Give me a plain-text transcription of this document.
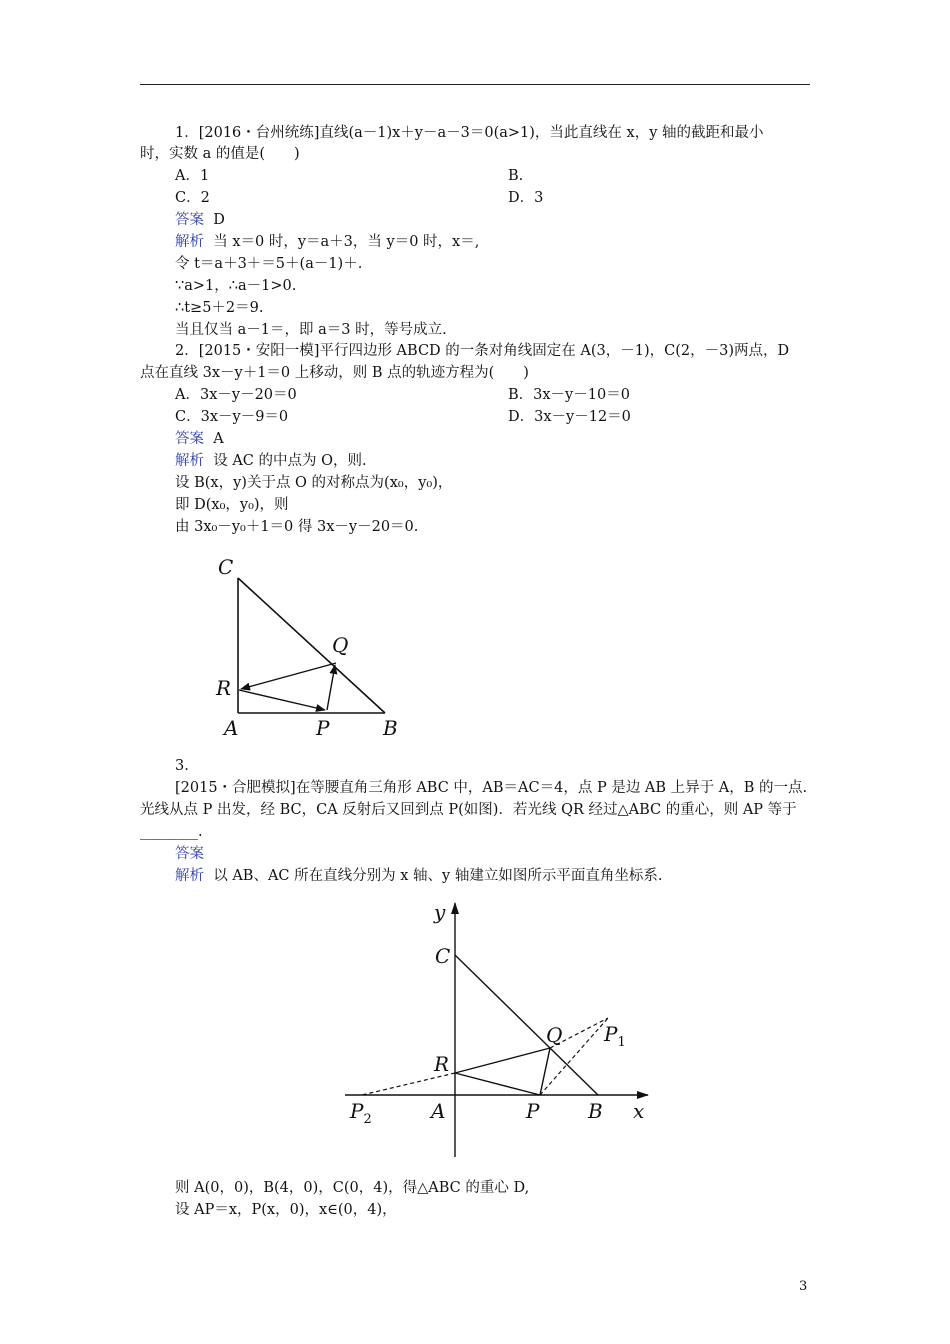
1．[2016・台州统练]直线(a－1)x＋y－a－3＝0(a>1)，当此直线在 x，y 轴的截距和最小
时，实数 a 的值是(　　)
A．1	B.
C．2	D．3
答案 D
解析 当 x＝0 时，y＝a＋3，当 y＝0 时，x＝,
令 t＝a＋3＋＝5＋(a－1)＋.
∵a>1，∴a－1>0.
∴t≥5＋2＝9.
当且仅当 a－1＝，即 a＝3 时，等号成立.
2．[2015・安阳一模]平行四边形 ABCD 的一条对角线固定在 A(3，－1)，C(2，－3)两点，D
点在直线 3x－y＋1＝0 上移动，则 B 点的轨迹方程为(　　)
A．3x－y－20＝0	B．3x－y－10＝0
C．3x－y－9＝0	D．3x－y－12＝0
答案 A
解析 设 AC 的中点为 O，则.
设 B(x，y)关于点 O 的对称点为(x₀，y₀)，
即 D(x₀，y₀)，则
由 3x₀－y₀＋1＝0 得 3x－y－20＝0.
C
Q
R
A	P	B
3.
[2015・合肥模拟]在等腰直角三角形 ABC 中，AB＝AC＝4，点 P 是边 AB 上异于 A，B 的一点.
光线从点 P 出发，经 BC，CA 反射后又回到点 P(如图)．若光线 QR 经过△ABC 的重心，则 AP 等于
________.
答案
解析 以 AB、AC 所在直线分别为 x 轴、y 轴建立如图所示平面直角坐标系.
y
x
C
Q $P_1$
R
$P_2$	A	P B
则 A(0，0)，B(4，0)，C(0，4)，得△ABC 的重心 D,
设 AP＝x，P(x，0)，x∈(0，4)，
3
